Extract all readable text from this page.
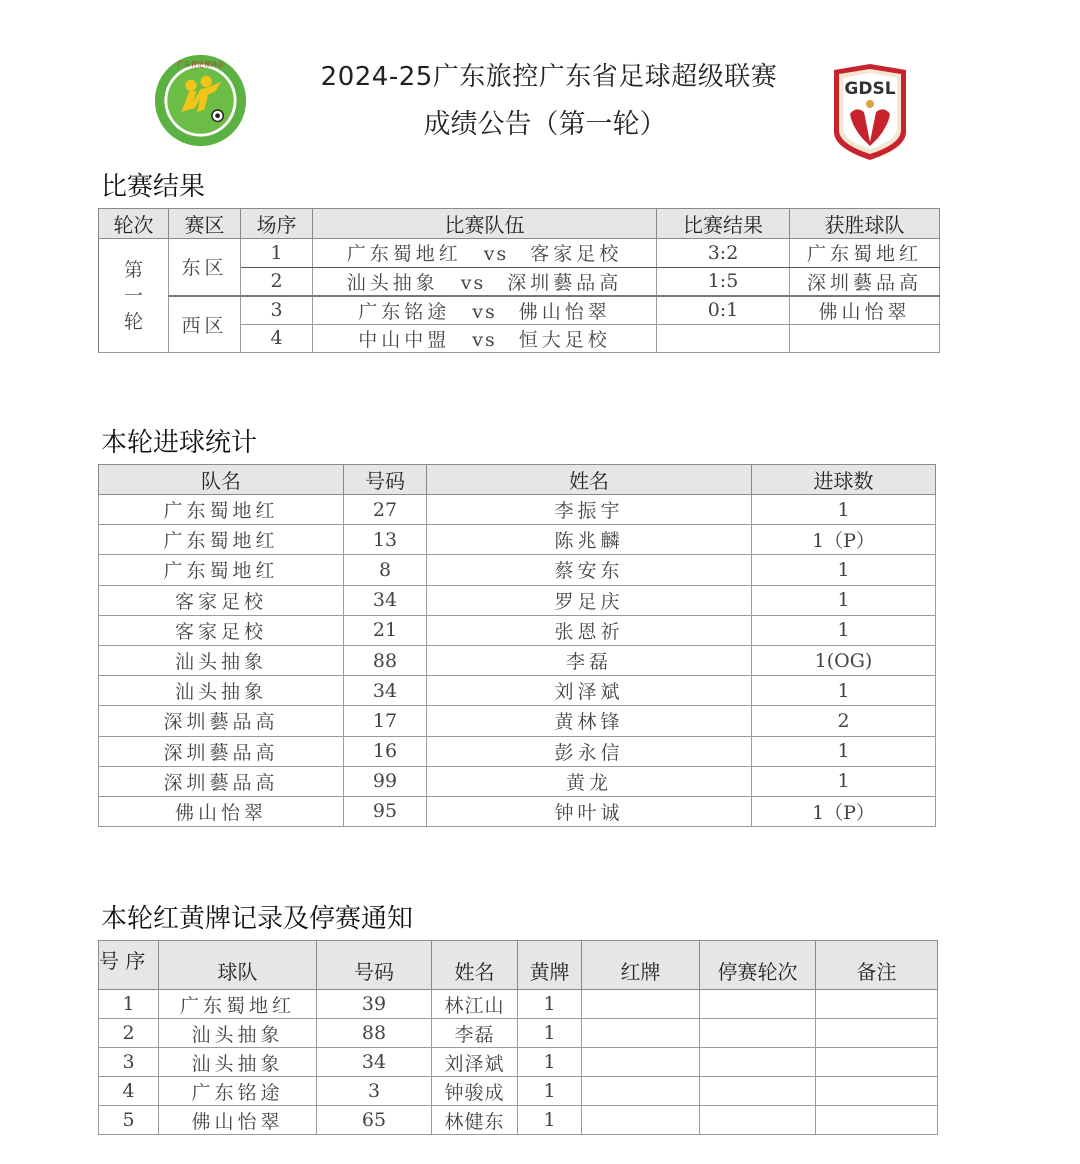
广东省足球协会	2024-25广东旅控广东省足球超级联赛
成绩公告（第一轮）
GDSL
比赛结果
轮次	赛区	场序	比赛队伍	比赛结果	获胜球队
第
一
轮	东区	1	广东蜀地红 vs 客家足校	3:2	广东蜀地红
		2	汕头抽象 vs 深圳藝品高	1:5	深圳藝品高
	西区	3	广东铭途 vs 佛山怡翠	0:1	佛山怡翠
		4	中山中盟 vs 恒大足校		
本轮进球统计
队名	号码	姓名	进球数
广东蜀地红	27	李振宇	1
广东蜀地红	13	陈兆麟	1（P）
广东蜀地红	8	蔡安东	1
客家足校	34	罗足庆	1
客家足校	21	张恩祈	1
汕头抽象	88	李磊	1(OG)
汕头抽象	34	刘泽斌	1
深圳藝品高	17	黄林锋	2
深圳藝品高	16	彭永信	1
深圳藝品高	99	黄龙	1
佛山怡翠	95	钟叶诚	1（P）
本轮红黄牌记录及停赛通知
号 序	球队	号码	姓名	黄牌	红牌	停赛轮次	备注
1	广东蜀地红	39	林江山	1			
2	汕头抽象	88	李磊	1			
3	汕头抽象	34	刘泽斌	1			
4	广东铭途	3	钟骏成	1			
5	佛山怡翠	65	林健东	1			
